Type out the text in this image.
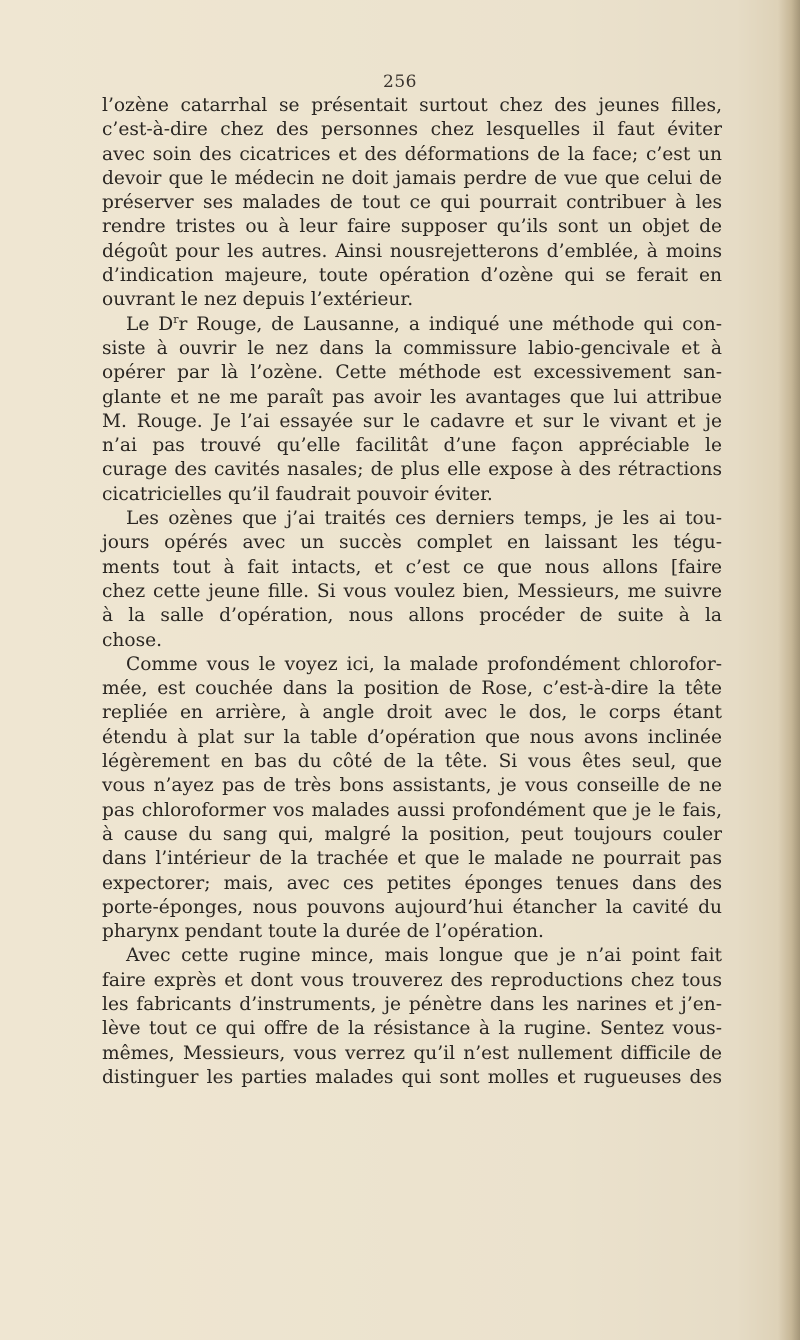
256
l’ozène catarrhal se présentait surtout chez des jeunes filles,
c’est-à-dire chez des personnes chez lesquelles il faut éviter
avec soin des cicatrices et des déformations de la face; c’est un
devoir que le médecin ne doit jamais perdre de vue que celui de
préserver ses malades de tout ce qui pourrait contribuer à les
rendre tristes ou à leur faire supposer qu’ils sont un objet de
dégoût pour les autres. Ainsi nousrejetterons d’emblée, à moins
d’indication majeure, toute opération d’ozène qui se ferait en
ouvrant le nez depuis l’extérieur.
Le $D^rr$ Rouge, de Lausanne, a indiqué une méthode qui con-
siste à ouvrir le nez dans la commissure labio-gencivale et à
opérer par là l’ozène. Cette méthode est excessivement san-
glante et ne me paraît pas avoir les avantages que lui attribue
M. Rouge. Je l’ai essayée sur le cadavre et sur le vivant et je
n’ai pas trouvé qu’elle facilitât d’une façon appréciable le
curage des cavités nasales; de plus elle expose à des rétractions
cicatricielles qu’il faudrait pouvoir éviter.
Les ozènes que j’ai traités ces derniers temps, je les ai tou-
jours opérés avec un succès complet en laissant les tégu-
ments tout à fait intacts, et c’est ce que nous allons [faire
chez cette jeune fille. Si vous voulez bien, Messieurs, me suivre
à la salle d’opération, nous allons procéder de suite à la
chose.
Comme vous le voyez ici, la malade profondément chlorofor-
mée, est couchée dans la position de Rose, c’est-à-dire la tête
repliée en arrière, à angle droit avec le dos, le corps étant
étendu à plat sur la table d’opération que nous avons inclinée
légèrement en bas du côté de la tête. Si vous êtes seul, que
vous n’ayez pas de très bons assistants, je vous conseille de ne
pas chloroformer vos malades aussi profondément que je le fais,
à cause du sang qui, malgré la position, peut toujours couler
dans l’intérieur de la trachée et que le malade ne pourrait pas
expectorer; mais, avec ces petites éponges tenues dans des
porte-éponges, nous pouvons aujourd’hui étancher la cavité du
pharynx pendant toute la durée de l’opération.
Avec cette rugine mince, mais longue que je n’ai point fait
faire exprès et dont vous trouverez des reproductions chez tous
les fabricants d’instruments, je pénètre dans les narines et j’en-
lève tout ce qui offre de la résistance à la rugine. Sentez vous-
mêmes, Messieurs, vous verrez qu’il n’est nullement difficile de
distinguer les parties malades qui sont molles et rugueuses des
